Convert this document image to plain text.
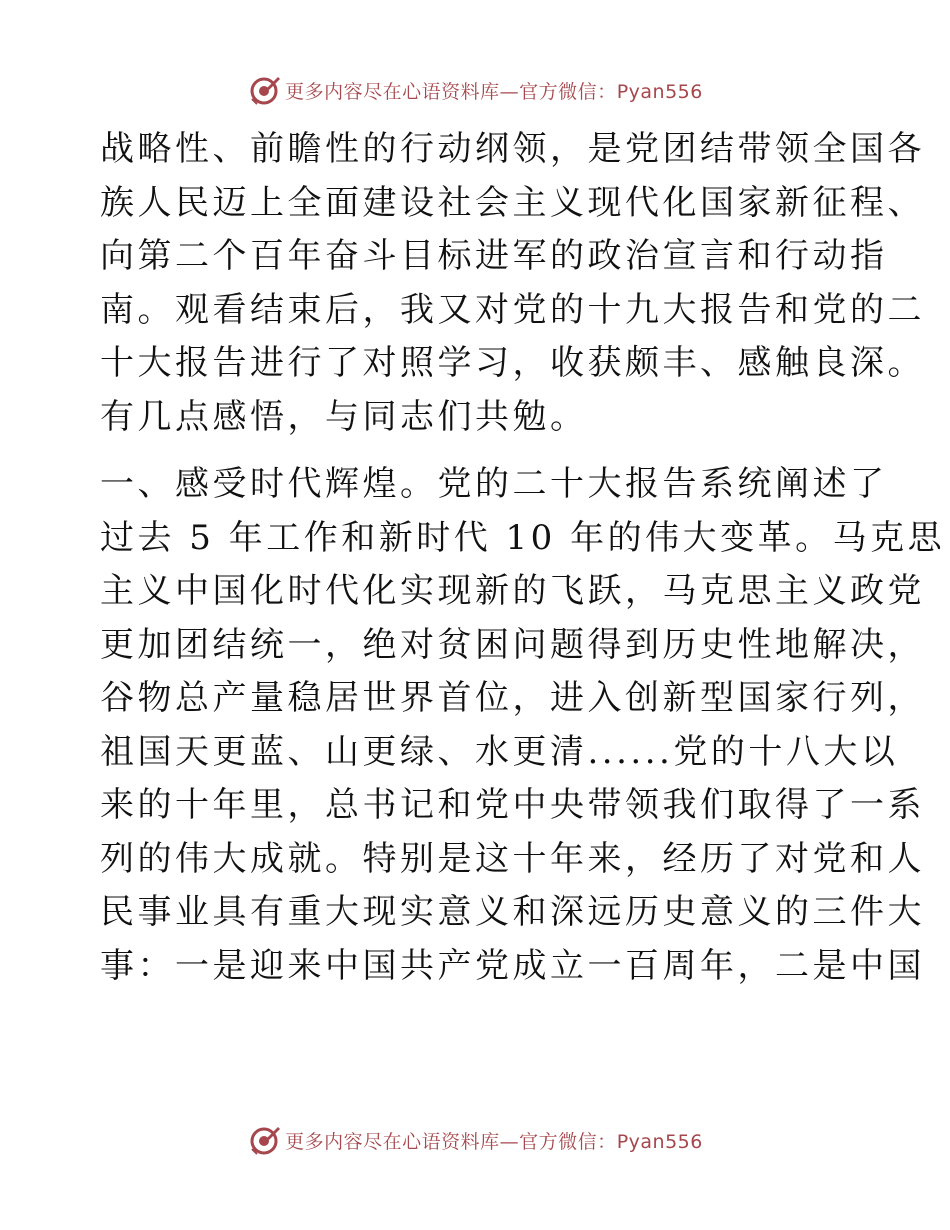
更多内容尽在心语资料库—官方微信：Pyan556
战略性、前瞻性的行动纲领，是党团结带领全国各
族人民迈上全面建设社会主义现代化国家新征程、
向第二个百年奋斗目标进军的政治宣言和行动指
南。观看结束后，我又对党的十九大报告和党的二
十大报告进行了对照学习，收获颇丰、感触良深。
有几点感悟，与同志们共勉。
一、感受时代辉煌。党的二十大报告系统阐述了
过去 5 年工作和新时代 10 年的伟大变革。马克思
主义中国化时代化实现新的飞跃，马克思主义政党
更加团结统一，绝对贫困问题得到历史性地解决，
谷物总产量稳居世界首位，进入创新型国家行列，
祖国天更蓝、山更绿、水更清......党的十八大以
来的十年里，总书记和党中央带领我们取得了一系
列的伟大成就。特别是这十年来，经历了对党和人
民事业具有重大现实意义和深远历史意义的三件大
事：一是迎来中国共产党成立一百周年，二是中国
更多内容尽在心语资料库—官方微信：Pyan556
